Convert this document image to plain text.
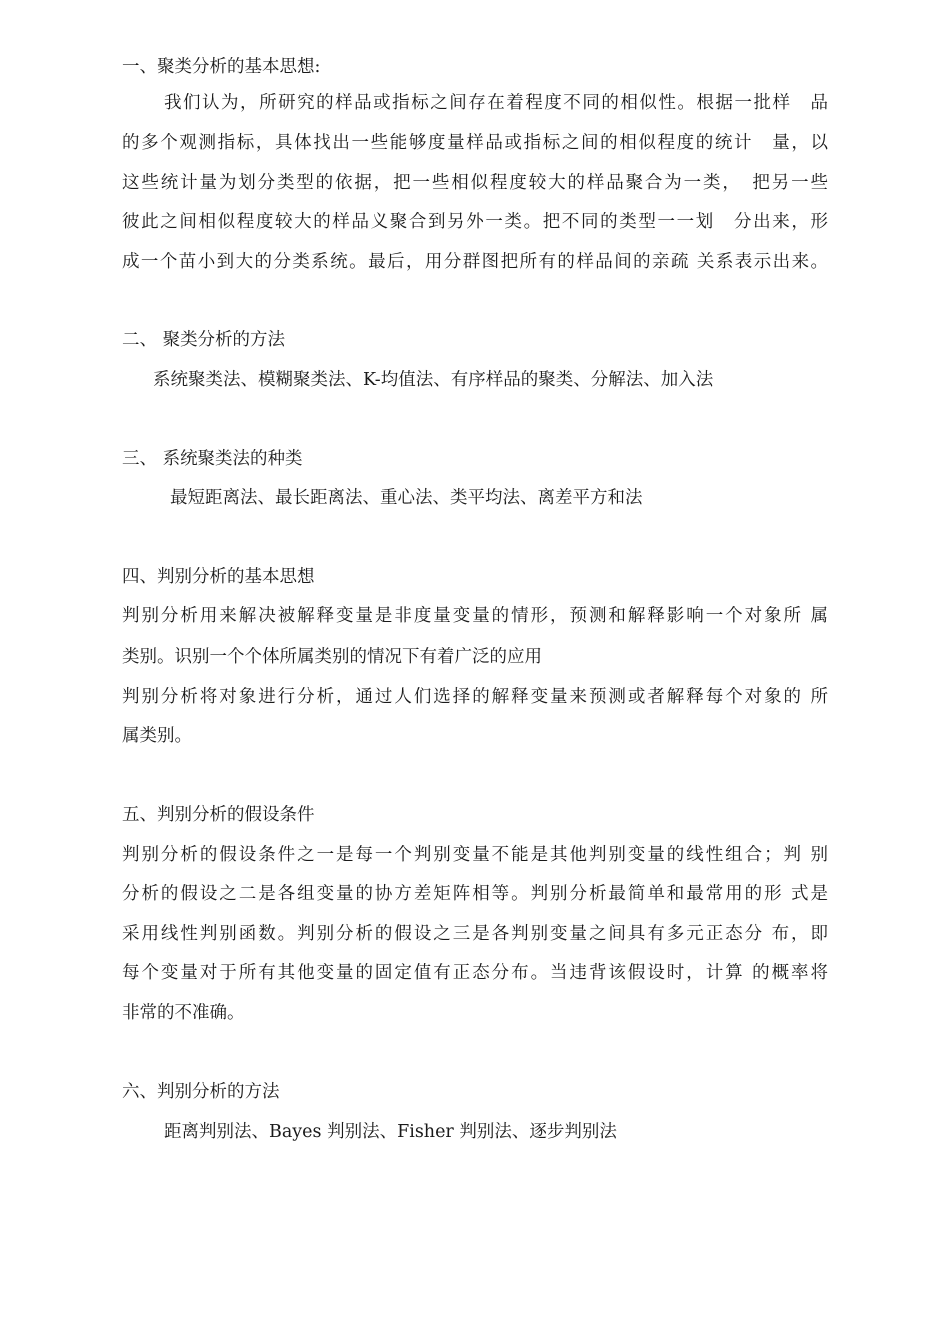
一、聚类分析的基本思想:
我们认为，所研究的样品或指标之间存在着程度不同的相似性。根据一批样　品
的多个观测指标，具体找出一些能够度量样品或指标之间的相似程度的统计　量，以
这些统计量为划分类型的依据，把一些相似程度较大的样品聚合为一类，　把另一些
彼此之间相似程度较大的样品义聚合到另外一类。把不同的类型一一划　分出来，形
成一个苗小到大的分类系统。最后，用分群图把所有的样品间的亲疏 关系表示出来。
二、 聚类分析的方法
系统聚类法、模糊聚类法、K-均值法、有序样品的聚类、分解法、加入法
三、 系统聚类法的种类
最短距离法、最长距离法、重心法、类平均法、离差平方和法
四、判别分析的基本思想
判别分析用来解决被解释变量是非度量变量的情形，预测和解释影响一个对象所 属
类别。识别一个个体所属类别的情况下有着广泛的应用
判别分析将对象进行分析，通过人们选择的解释变量来预测或者解释每个对象的 所
属类别。
五、判别分析的假设条件
判别分析的假设条件之一是每一个判别变量不能是其他判别变量的线性组合；判 别
分析的假设之二是各组变量的协方差矩阵相等。判别分析最简单和最常用的形 式是
采用线性判别函数。判别分析的假设之三是各判别变量之间具有多元正态分 布，即
每个变量对于所有其他变量的固定值有正态分布。当违背该假设时，计算 的概率将
非常的不准确。
六、判别分析的方法
距离判别法、Bayes 判别法、Fisher 判别法、逐步判别法
